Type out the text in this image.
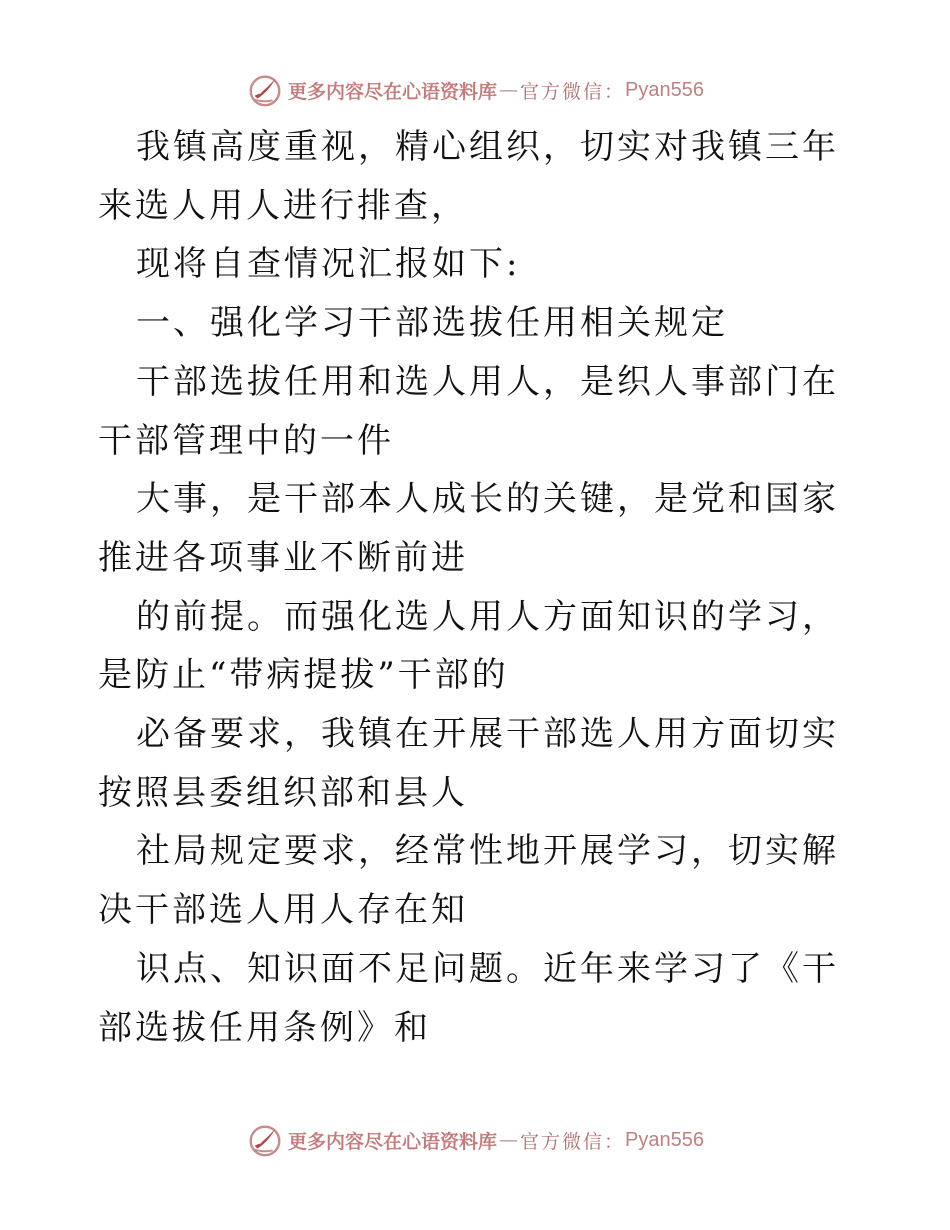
更多内容尽在心语资料库 — 官方微信： Pyan556

我镇高度重视，精心组织，切实对我镇三年来选人用人进行排查，

现将自查情况汇报如下:

一、强化学习干部选拔任用相关规定

干部选拔任用和选人用人，是织人事部门在干部管理中的一件

大事，是干部本人成长的关键，是党和国家推进各项事业不断前进

的前提。而强化选人用人方面知识的学习，是防止“带病提拔”干部的

必备要求，我镇在开展干部选人用方面切实按照县委组织部和县人

社局规定要求，经常性地开展学习，切实解决干部选人用人存在知

识点、知识面不足问题。近年来学习了《干部选拔任用条例》和

更多内容尽在心语资料库 — 官方微信： Pyan556
